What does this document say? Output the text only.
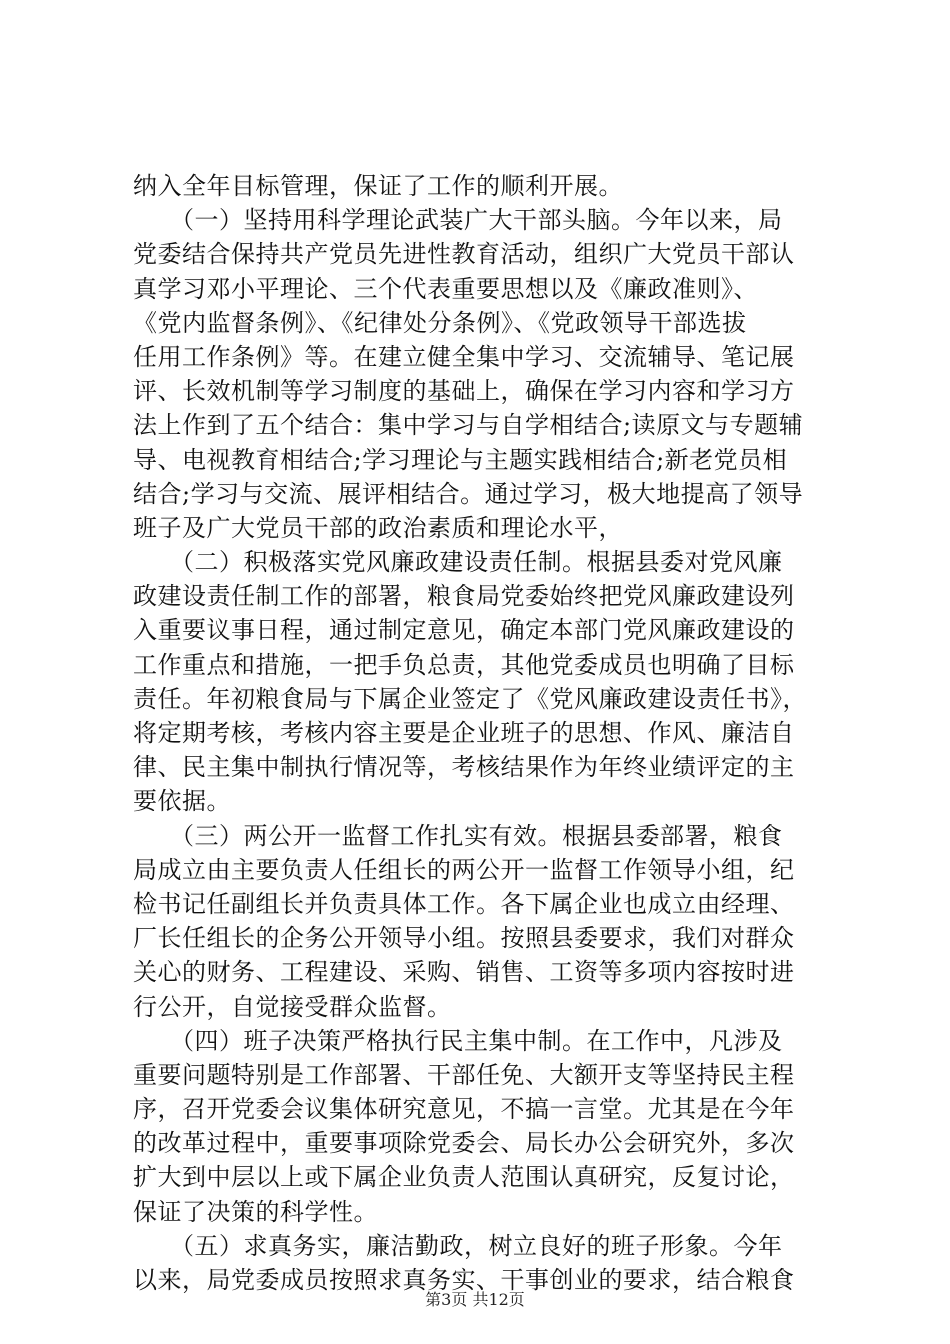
纳入全年目标管理，保证了工作的顺利开展。
　　（一）坚持用科学理论武装广大干部头脑。今年以来，局
党委结合保持共产党员先进性教育活动，组织广大党员干部认
真学习邓小平理论、三个代表重要思想以及《廉政准则》、
《党内监督条例》、《纪律处分条例》、《党政领导干部选拔
任用工作条例》等。在建立健全集中学习、交流辅导、笔记展
评、长效机制等学习制度的基础上，确保在学习内容和学习方
法上作到了五个结合：集中学习与自学相结合;读原文与专题辅
导、电视教育相结合;学习理论与主题实践相结合;新老党员相
结合;学习与交流、展评相结合。通过学习，极大地提高了领导
班子及广大党员干部的政治素质和理论水平，
　　（二）积极落实党风廉政建设责任制。根据县委对党风廉
政建设责任制工作的部署，粮食局党委始终把党风廉政建设列
入重要议事日程，通过制定意见，确定本部门党风廉政建设的
工作重点和措施，一把手负总责，其他党委成员也明确了目标
责任。年初粮食局与下属企业签定了《党风廉政建设责任书》，
将定期考核，考核内容主要是企业班子的思想、作风、廉洁自
律、民主集中制执行情况等，考核结果作为年终业绩评定的主
要依据。
　　（三）两公开一监督工作扎实有效。根据县委部署，粮食
局成立由主要负责人任组长的两公开一监督工作领导小组，纪
检书记任副组长并负责具体工作。各下属企业也成立由经理、
厂长任组长的企务公开领导小组。按照县委要求，我们对群众
关心的财务、工程建设、采购、销售、工资等多项内容按时进
行公开，自觉接受群众监督。
　　（四）班子决策严格执行民主集中制。在工作中，凡涉及
重要问题特别是工作部署、干部任免、大额开支等坚持民主程
序，召开党委会议集体研究意见，不搞一言堂。尤其是在今年
的改革过程中，重要事项除党委会、局长办公会研究外，多次
扩大到中层以上或下属企业负责人范围认真研究，反复讨论，
保证了决策的科学性。
　　（五）求真务实，廉洁勤政，树立良好的班子形象。今年
以来，局党委成员按照求真务实、干事创业的要求，结合粮食
第3页 共12页
